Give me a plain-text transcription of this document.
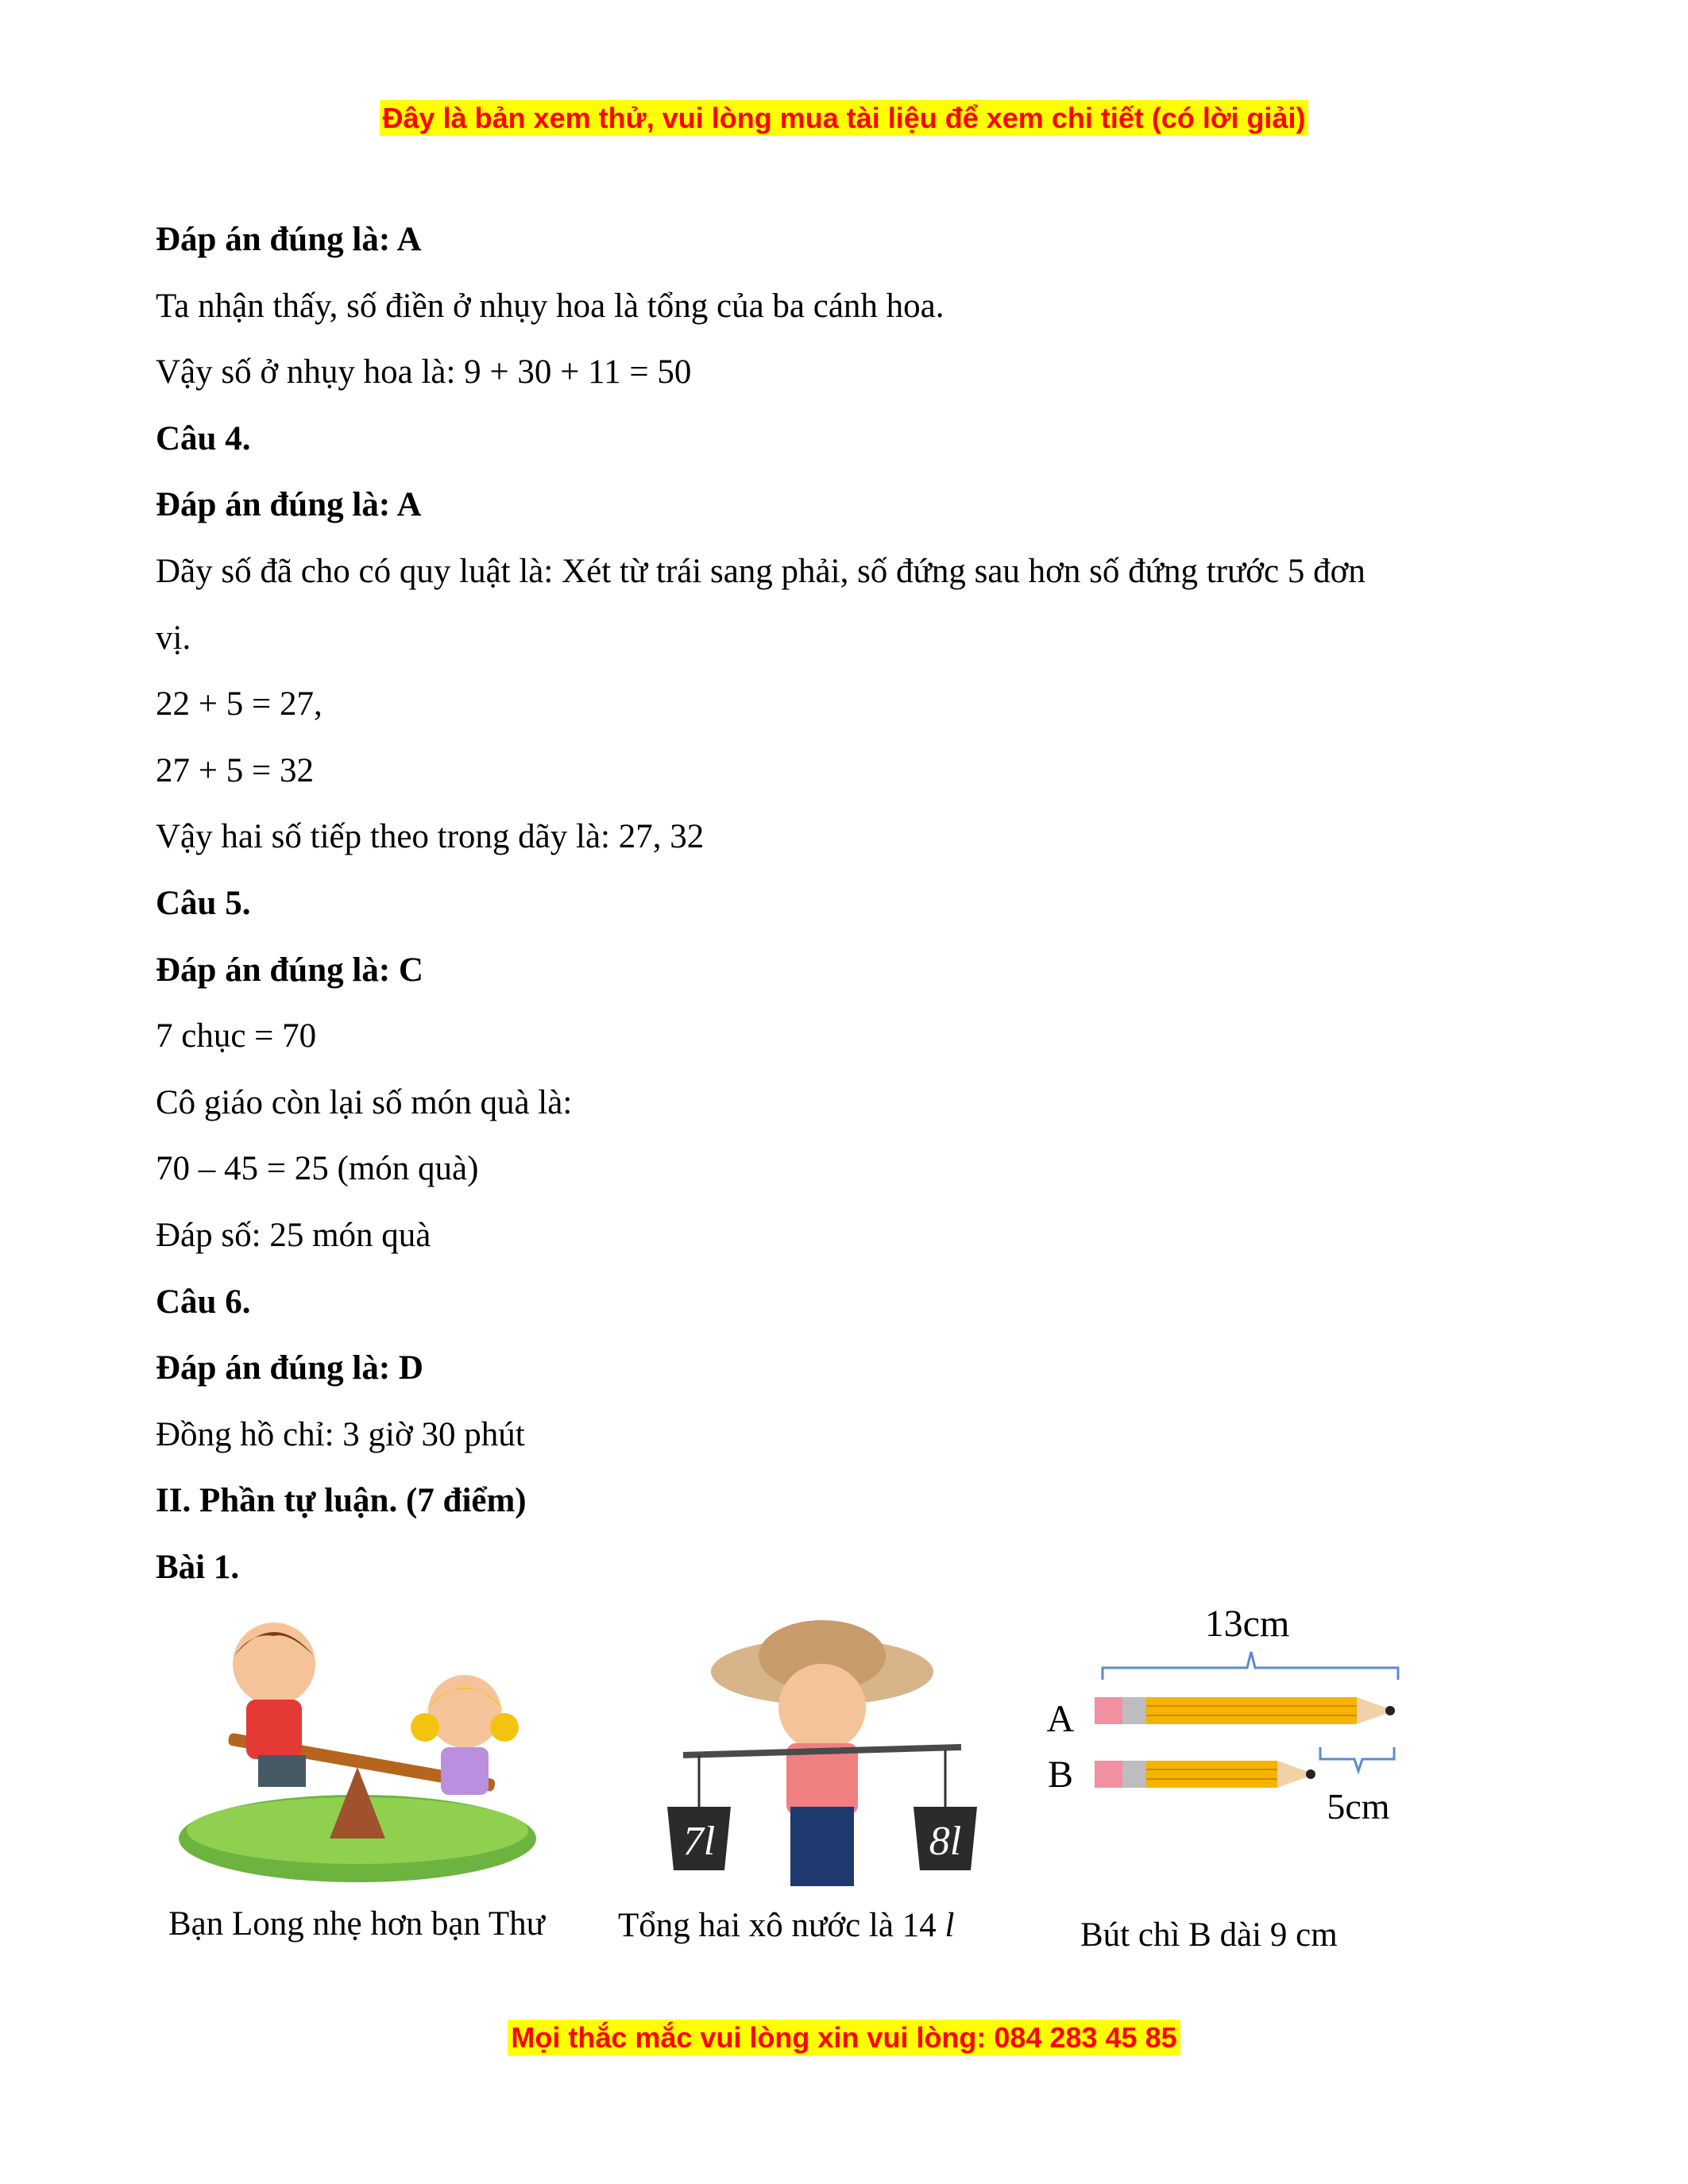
Đây là bản xem thử, vui lòng mua tài liệu để xem chi tiết (có lời giải)
Đáp án đúng là: A
Ta nhận thấy, số điền ở nhụy hoa là tổng của ba cánh hoa.
Vậy số ở nhụy hoa là: 9 + 30 + 11 = 50
Câu 4.
Đáp án đúng là: A
Dãy số đã cho có quy luật là: Xét từ trái sang phải, số đứng sau hơn số đứng trước 5 đơn
vị.
22 + 5 = 27,
27 + 5 = 32
Vậy hai số tiếp theo trong dãy là: 27, 32
Câu 5.
Đáp án đúng là: C
7 chục = 70
Cô giáo còn lại số món quà là:
70 – 45 = 25 (món quà)
Đáp số: 25 món quà
Câu 6.
Đáp án đúng là: D
Đồng hồ chỉ: 3 giờ 30 phút
II. Phần tự luận. (7 điểm)
Bài 1.
Bạn Long nhẹ hơn bạn Thư
7l	8l
Tổng hai xô nước là 14 l
13cm
A
B
5cm
Bút chì B dài 9 cm
Mọi thắc mắc vui lòng xin vui lòng: 084 283 45 85
